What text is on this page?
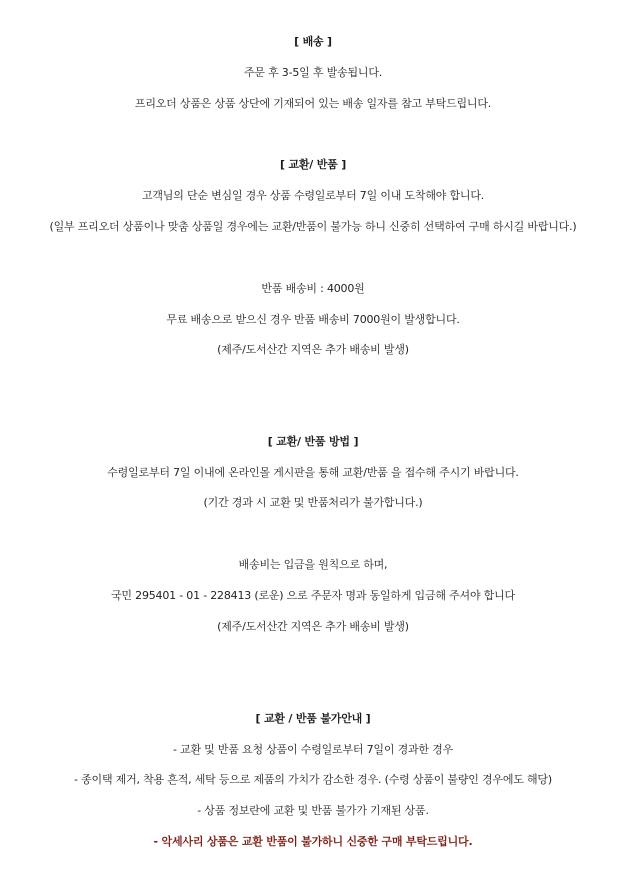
[ 배송 ]
주문 후 3-5일 후 발송됩니다.
프리오더 상품은 상품 상단에 기재되어 있는 배송 일자를 참고 부탁드립니다.
[ 교환/ 반품 ]
고객님의 단순 변심일 경우 상품 수령일로부터 7일 이내 도착해야 합니다.
(일부 프리오더 상품이나 맞춤 상품일 경우에는 교환/반품이 불가능 하니 신중히 선택하여 구매 하시길 바랍니다.)
반품 배송비 : 4000원
무료 배송으로 받으신 경우 반품 배송비 7000원이 발생합니다.
(제주/도서산간 지역은 추가 배송비 발생)
[ 교환/ 반품 방법 ]
수령일로부터 7일 이내에 온라인몰 게시판을 통해 교환/반품 을 접수해 주시기 바랍니다.
(기간 경과 시 교환 및 반품처리가 불가합니다.)
배송비는 입금을 원칙으로 하며,
국민 295401 - 01 - 228413 (로운) 으로 주문자 명과 동일하게 입금해 주셔야 합니다
(제주/도서산간 지역은 추가 배송비 발생)
[ 교환 / 반품 불가안내 ]
- 교환 및 반품 요청 상품이 수령일로부터 7일이 경과한 경우
- 종이택 제거, 착용 흔적, 세탁 등으로 제품의 가치가 감소한 경우. (수령 상품이 불량인 경우에도 해당)
- 상품 정보란에 교환 및 반품 불가가 기재된 상품.
- 악세사리 상품은 교환 반품이 불가하니 신중한 구매 부탁드립니다.
